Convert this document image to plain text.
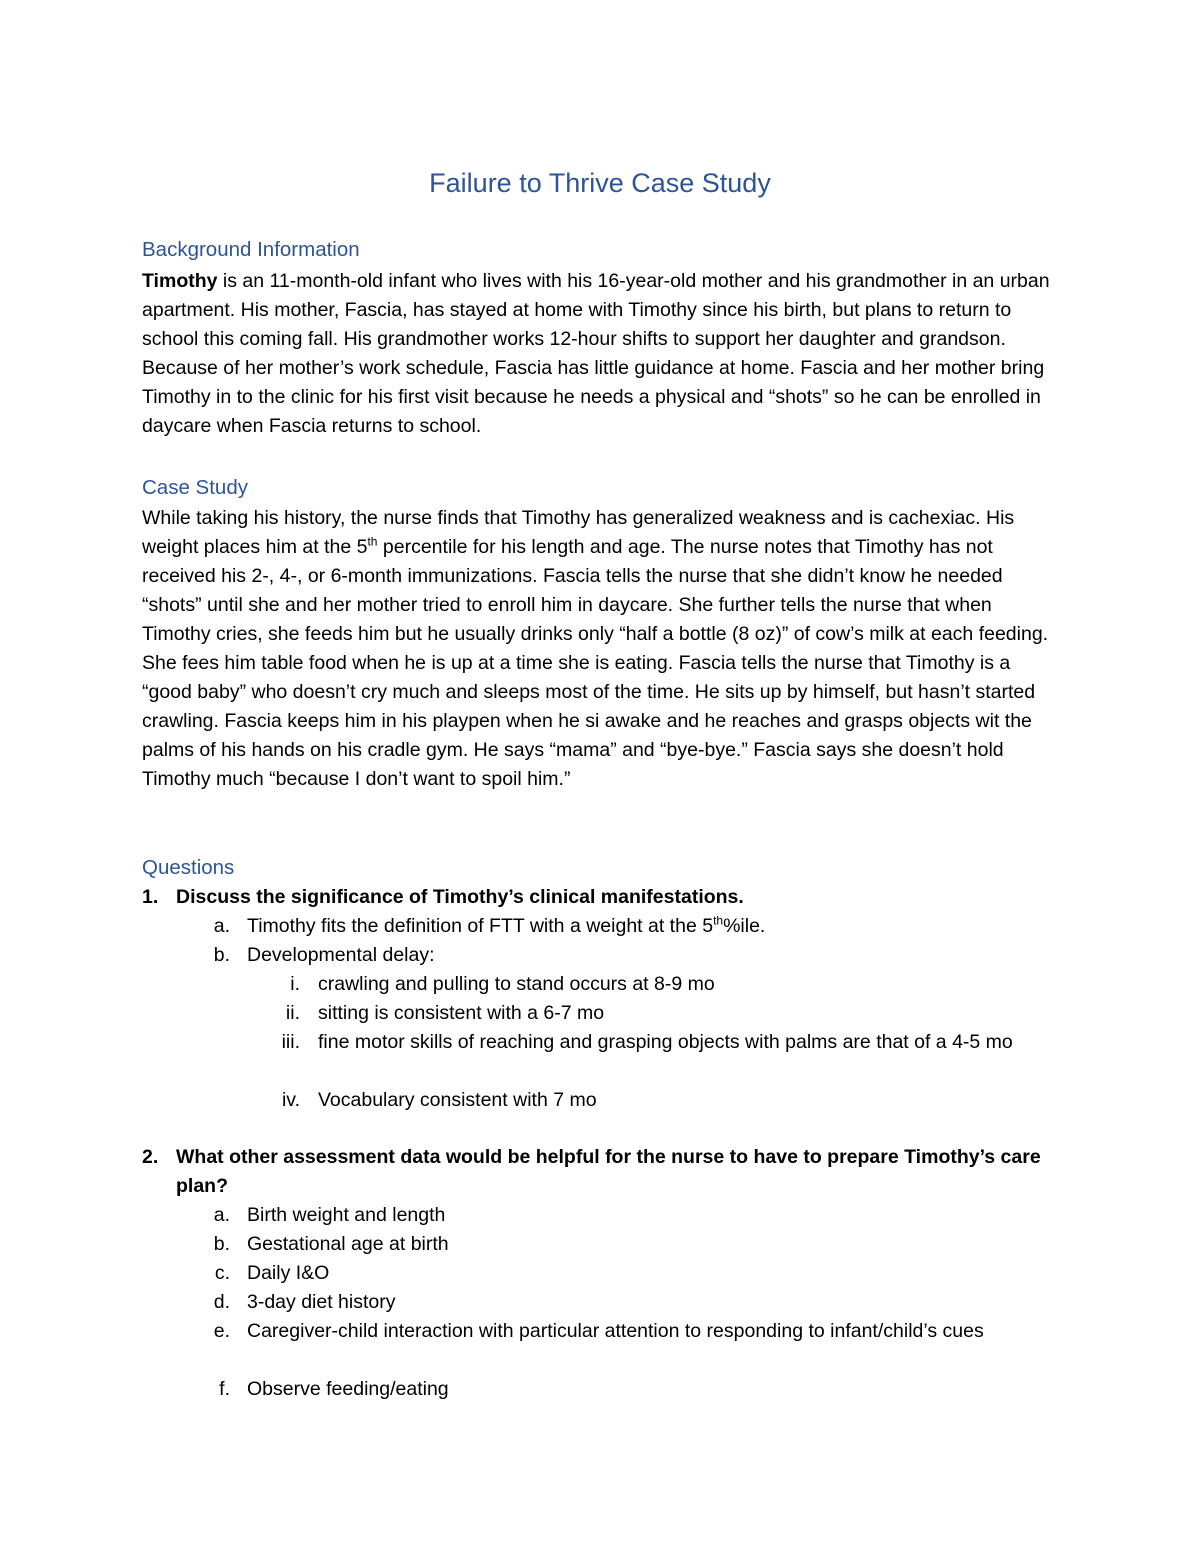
Failure to Thrive Case Study
Background Information

Timothy is an 11-month-old infant who lives with his 16-year-old mother and his grandmother in an urban apartment. His mother, Fascia, has stayed at home with Timothy since his birth, but plans to return to school this coming fall. His grandmother works 12-hour shifts to support her daughter and grandson. Because of her mother’s work schedule, Fascia has little guidance at home. Fascia and her mother bring Timothy in to the clinic for his first visit because he needs a physical and “shots” so he can be enrolled in daycare when Fascia returns to school.

Case Study

While taking his history, the nurse finds that Timothy has generalized weakness and is cachexiac. His weight places him at the 5th percentile for his length and age. The nurse notes that Timothy has not received his 2-, 4-, or 6-month immunizations. Fascia tells the nurse that she didn’t know he needed “shots” until she and her mother tried to enroll him in daycare. She further tells the nurse that when Timothy cries, she feeds him but he usually drinks only “half a bottle (8 oz)” of cow’s milk at each feeding. She fees him table food when he is up at a time she is eating. Fascia tells the nurse that Timothy is a “good baby” who doesn’t cry much and sleeps most of the time. He sits up by himself, but hasn’t started crawling. Fascia keeps him in his playpen when he si awake and he reaches and grasps objects wit the palms of his hands on his cradle gym. He says “mama” and “bye-bye.” Fascia says she doesn’t hold Timothy much “because I don’t want to spoil him.”

Questions
1. Discuss the significance of Timothy’s clinical manifestations.
a. Timothy fits the definition of FTT with a weight at the 5th%ile.
b. Developmental delay:
i. crawling and pulling to stand occurs at 8-9 mo
ii. sitting is consistent with a 6-7 mo
iii. fine motor skills of reaching and grasping objects with palms are that of a 4-5 mo
iv. Vocabulary consistent with 7 mo
2. What other assessment data would be helpful for the nurse to have to prepare Timothy’s care plan?
a. Birth weight and length
b. Gestational age at birth
c. Daily I&O
d. 3-day diet history
e. Caregiver-child interaction with particular attention to responding to infant/child’s cues
f. Observe feeding/eating
